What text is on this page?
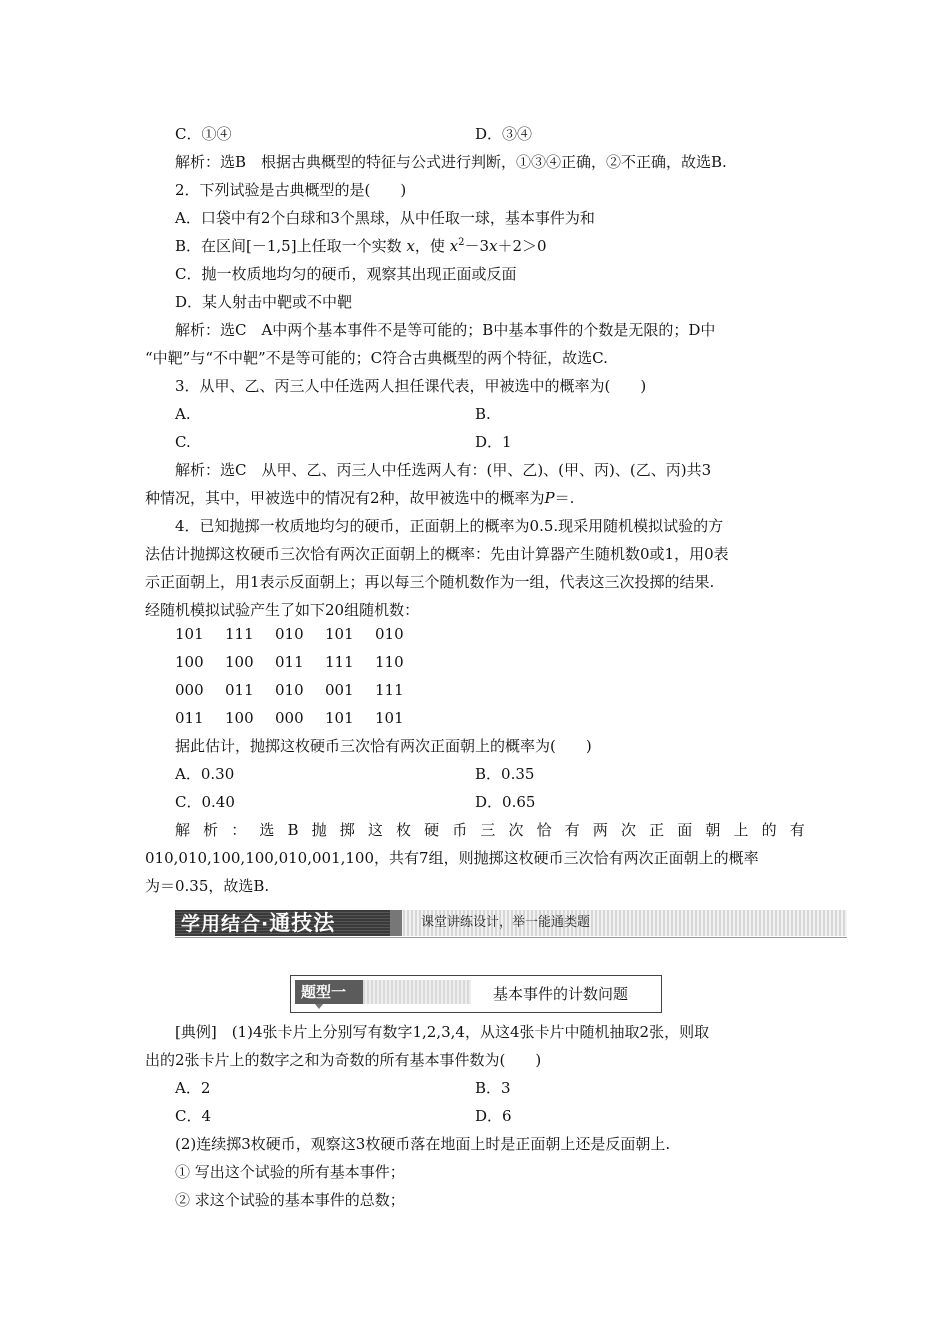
C．①④	D．③④
解析：选B　根据古典概型的特征与公式进行判断，①③④正确，②不正确，故选B.
2．下列试验是古典概型的是(　　)
A．口袋中有2个白球和3个黑球，从中任取一球，基本事件为和
B．在区间[－1,5]上任取一个实数 x，使 $x^2-3x+2>0$
C．抛一枚质地均匀的硬币，观察其出现正面或反面
D．某人射击中靶或不中靶
解析：选C　A中两个基本事件不是等可能的；B中基本事件的个数是无限的；D中
“中靶”与“不中靶”不是等可能的；C符合古典概型的两个特征，故选C.
3．从甲、乙、丙三人中任选两人担任课代表，甲被选中的概率为(　　)
A.	B.
C.	D．1
解析：选C　从甲、乙、丙三人中任选两人有：(甲、乙)、(甲、丙)、(乙、丙)共3
种情况，其中，甲被选中的情况有2种，故甲被选中的概率为P＝.
4．已知抛掷一枚质地均匀的硬币，正面朝上的概率为0.5.现采用随机模拟试验的方
法估计抛掷这枚硬币三次恰有两次正面朝上的概率：先由计算器产生随机数0或1，用0表
示正面朝上，用1表示反面朝上；再以每三个随机数作为一组，代表这三次投掷的结果.
经随机模拟试验产生了如下20组随机数：
101 111 010 101 010
100 100 011 111 110
000 011 010 001 111
011 100 000 101 101
据此估计，抛掷这枚硬币三次恰有两次正面朝上的概率为(　　)
A．0.30	B．0.35
C．0.40	D．0.65
解 析 ： 选 B 抛 掷 这 枚 硬 币 三 次 恰 有 两 次 正 面 朝 上 的 有
010,010,100,100,010,001,100，共有7组，则抛掷这枚硬币三次恰有两次正面朝上的概率
为＝0.35，故选B.
学用结合·通技法	课堂讲练设计，举一能通类题
题型一	基本事件的计数问题
[典例]　(1)4张卡片上分别写有数字1,2,3,4，从这4张卡片中随机抽取2张，则取
出的2张卡片上的数字之和为奇数的所有基本事件数为(　　)
A．2	B．3
C．4	D．6
(2)连续掷3枚硬币，观察这3枚硬币落在地面上时是正面朝上还是反面朝上.
① 写出这个试验的所有基本事件；
② 求这个试验的基本事件的总数；
